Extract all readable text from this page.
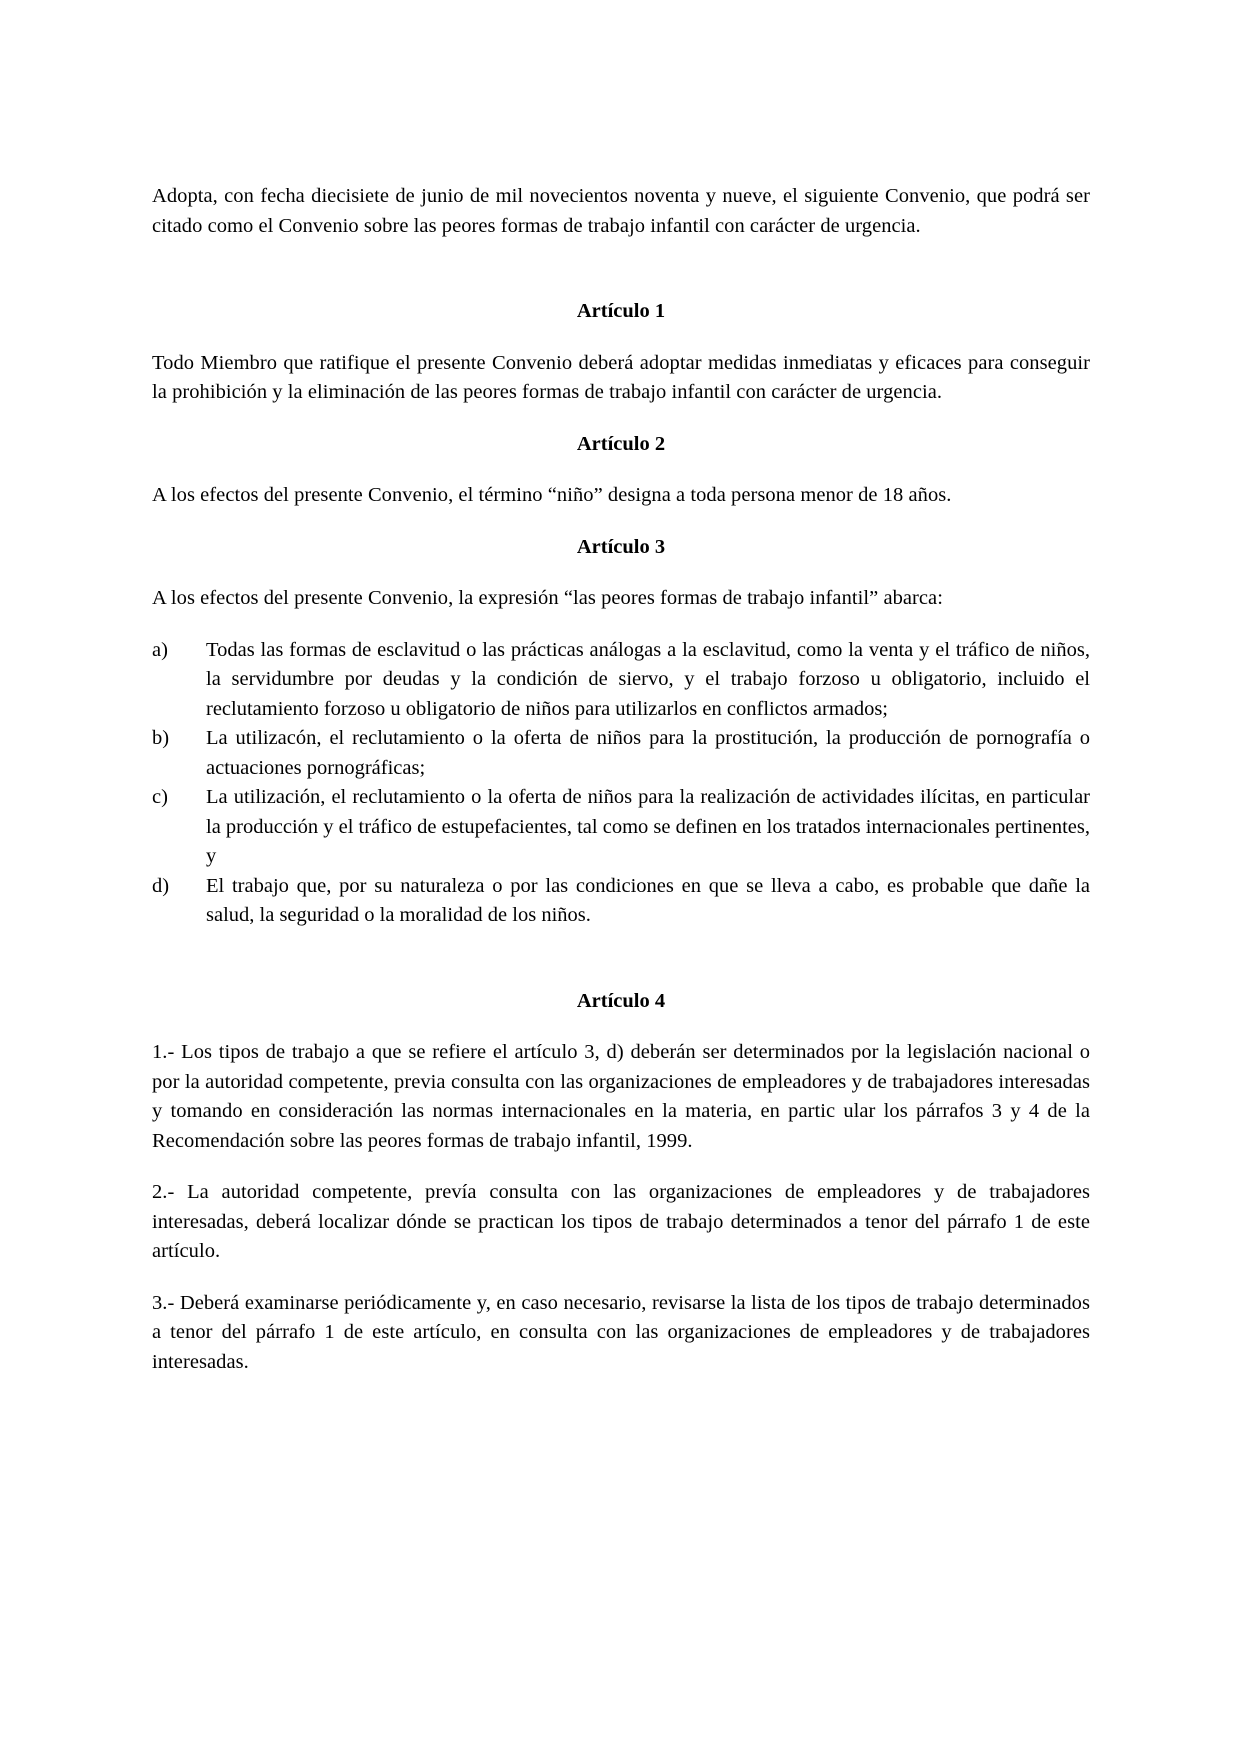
Adopta, con fecha diecisiete de junio de mil novecientos noventa y nueve, el siguiente Convenio, que podrá ser citado como el Convenio sobre las peores formas de trabajo infantil con carácter de urgencia.

Artículo 1

Todo Miembro que ratifique el presente Convenio deberá adoptar medidas inmediatas y eficaces para conseguir la prohibición y la eliminación de las peores formas de trabajo infantil con carácter de urgencia.

Artículo 2

A los efectos del presente Convenio, el término “niño” designa a toda persona menor de 18 años.

Artículo 3

A los efectos del presente Convenio, la expresión “las peores formas de trabajo infantil” abarca:

a)	Todas las formas de esclavitud o las prácticas análogas a la esclavitud, como la venta y el tráfico de niños, la servidumbre por deudas y la condición de siervo, y el trabajo forzoso u obligatorio, incluido el reclutamiento forzoso u obligatorio de niños para utilizarlos en conflictos armados;
b)	La utilizacón, el reclutamiento o la oferta de niños para la prostitución, la producción de pornografía o actuaciones pornográficas;
c)	La utilización, el reclutamiento o la oferta de niños para la realización de actividades ilícitas, en particular la producción y el tráfico de estupefacientes, tal como se definen en los tratados internacionales pertinentes, y
d)	El trabajo que, por su naturaleza o por las condiciones en que se lleva a cabo, es probable que dañe la salud, la seguridad o la moralidad de los niños.
Artículo 4

1.- Los tipos de trabajo a que se refiere el artículo 3, d) deberán ser determinados por la legislación nacional o por la autoridad competente, previa consulta con las organizaciones de empleadores y de trabajadores interesadas y tomando en consideración las normas internacionales en la materia, en partic ular los párrafos 3 y 4 de la Recomendación sobre las peores formas de trabajo infantil, 1999.

2.- La autoridad competente, prevía consulta con las organizaciones de empleadores y de trabajadores interesadas, deberá localizar dónde se practican los tipos de trabajo determinados a tenor del párrafo 1 de este artículo.

3.- Deberá examinarse periódicamente y, en caso necesario, revisarse la lista de los tipos de trabajo determinados a tenor del párrafo 1 de este artículo, en consulta con las organizaciones de empleadores y de trabajadores interesadas.
